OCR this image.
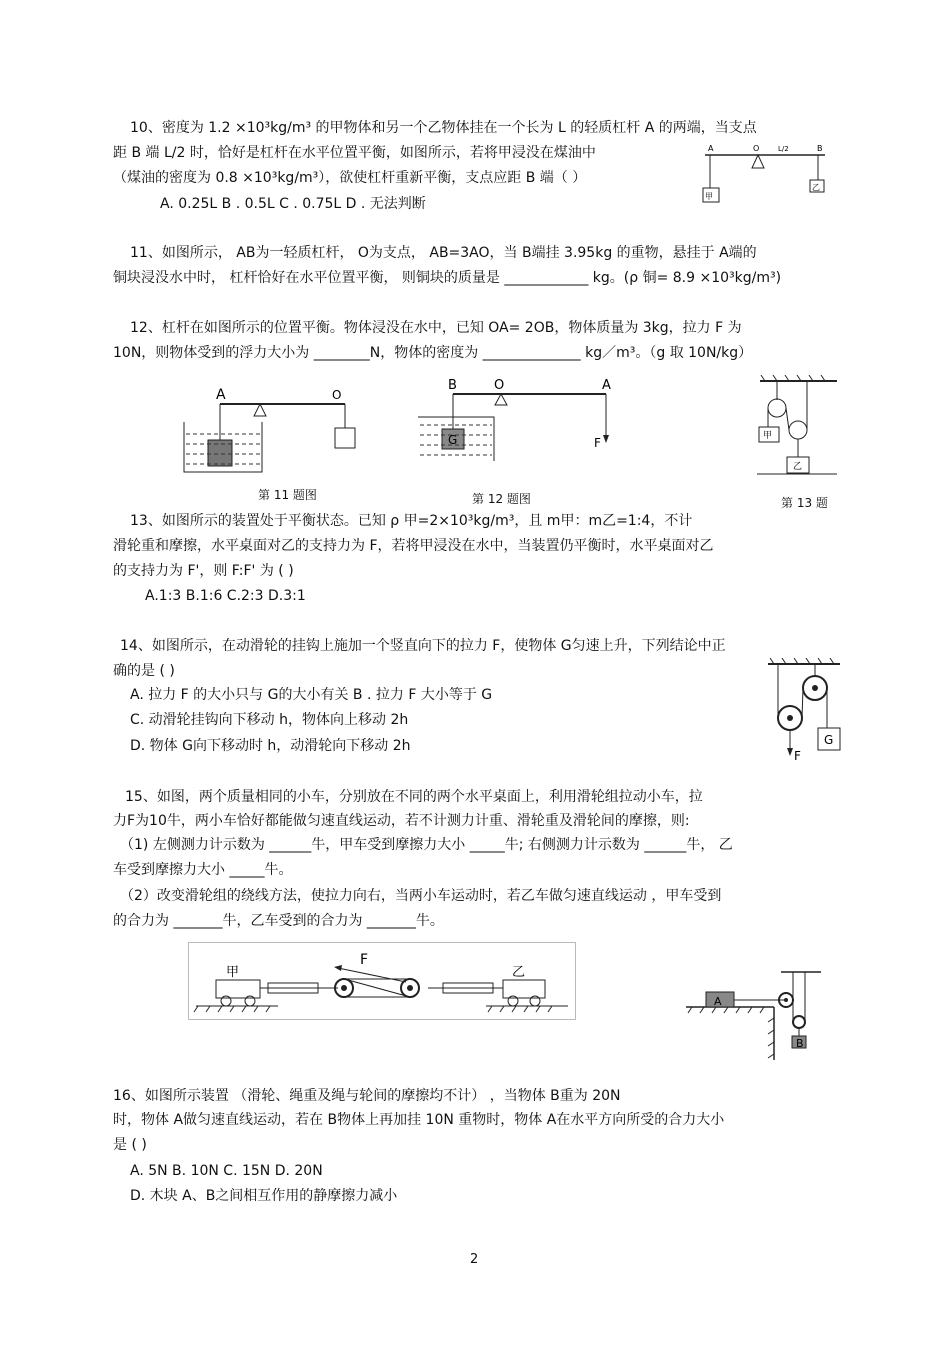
10、密度为 1.2 ×10³kg/m³ 的甲物体和另一个乙物体挂在一个长为 L 的轻质杠杆 A 的两端，当支点
距 B 端 L/2 时，恰好是杠杆在水平位置平衡，如图所示，若将甲浸没在煤油中
（煤油的密度为 0.8 ×10³kg/m³），欲使杠杆重新平衡，支点应距 B 端（ ）
A. 0.25L B . 0.5L C . 0.75L D . 无法判断
A	O	B
L/2
甲
乙
11、如图所示， AB为一轻质杠杆， O为支点， AB=3AO，当 B端挂 3.95kg 的重物，悬挂于 A端的
铜块浸没水中时， 杠杆恰好在水平位置平衡， 则铜块的质量是 ____________ kg。(ρ 铜= 8.9 ×10³kg/m³)
12、杠杆在如图所示的位置平衡。物体浸没在水中，已知 OA= 2OB，物体质量为 3kg，拉力 F 为
10N，则物体受到的浮力大小为 ________N，物体的密度为 ______________ kg／m³。（g 取 10N/kg）
A	O
第 11 题图
B	O	A
G	F
第 12 题图
甲
乙
第 13 题
13、如图所示的装置处于平衡状态。已知 ρ 甲=2×10³kg/m³，且 m甲：m乙=1:4，不计
滑轮重和摩擦，水平桌面对乙的支持力为 F，若将甲浸没在水中，当装置仍平衡时，水平桌面对乙
的支持力为 F'，则 F:F' 为 ( )
A.1:3 B.1:6 C.2:3 D.3:1
14、如图所示，在动滑轮的挂钩上施加一个竖直向下的拉力 F，使物体 G匀速上升，下列结论中正
确的是 ( )
A. 拉力 F 的大小只与 G的大小有关 B . 拉力 F 大小等于 G
C. 动滑轮挂钩向下移动 h，物体向上移动 2h
D. 物体 G向下移动时 h，动滑轮向下移动 2h	G
F
15、如图，两个质量相同的小车，分别放在不同的两个水平桌面上，利用滑轮组拉动小车，拉
力F为10牛，两小车恰好都能做匀速直线运动，若不计测力计重、滑轮重及滑轮间的摩擦，则:
（1) 左侧测力计示数为 ______牛，甲车受到摩擦力大小 _____牛; 右侧测力计示数为 ______牛， 乙
车受到摩擦力大小 _____牛。
（2）改变滑轮组的绕线方法，使拉力向右，当两小车运动时，若乙车做匀速直线运动 ，甲车受到
的合力为 _______牛，乙车受到的合力为 _______牛。
甲	乙
F
A
B
16、如图所示装置 （滑轮、绳重及绳与轮间的摩擦均不计） ，当物体 B重为 20N
时，物体 A做匀速直线运动，若在 B物体上再加挂 10N 重物时，物体 A在水平方向所受的合力大小
是 ( )
A. 5N B. 10N C. 15N D. 20N
D. 木块 A、B之间相互作用的静摩擦力减小
2
